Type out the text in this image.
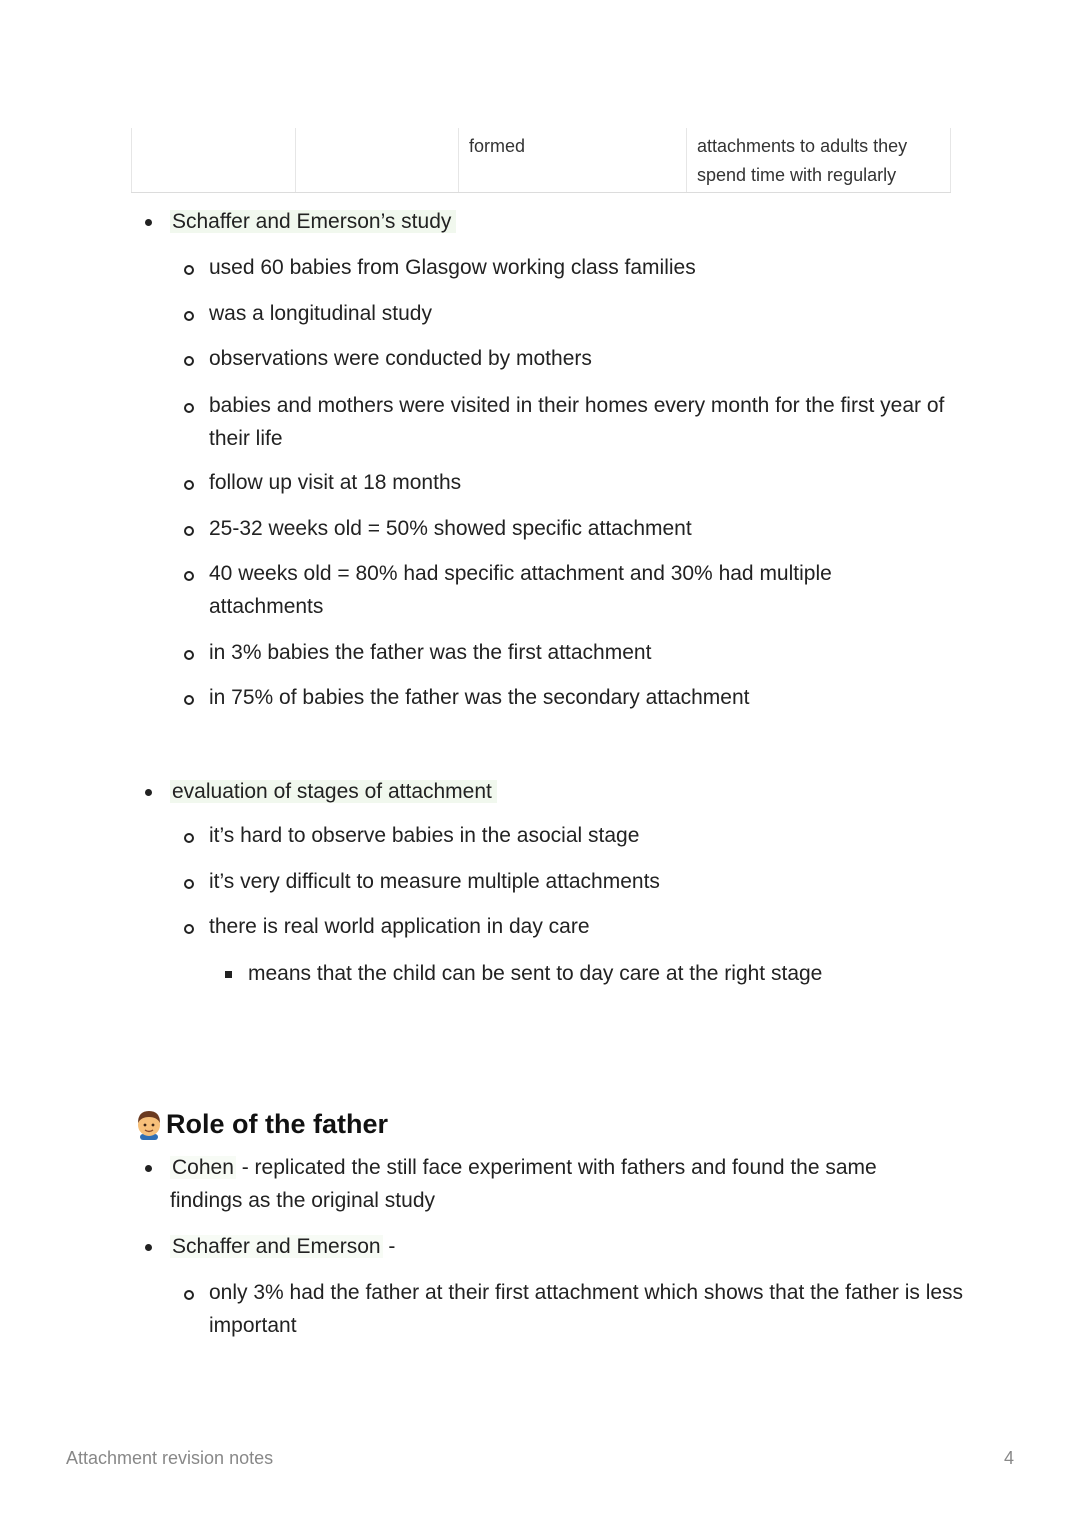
		formed	attachments to adults they spend time with regularly
Schaffer and Emerson’s study
used 60 babies from Glasgow working class families
was a longitudinal study
observations were conducted by mothers
babies and mothers were visited in their homes every month for the first year of their life
follow up visit at 18 months
25-32 weeks old = 50% showed specific attachment
40 weeks old = 80% had specific attachment and 30% had multiple attachments
in 3% babies the father was the first attachment
in 75% of babies the father was the secondary attachment
evaluation of stages of attachment
it’s hard to observe babies in the asocial stage
it’s very difficult to measure multiple attachments
there is real world application in day care
means that the child can be sent to day care at the right stage
Role of the father
Cohen - replicated the still face experiment with fathers and found the same findings as the original study
Schaffer and Emerson -
only 3% had the father at their first attachment which shows that the father is less important
Attachment revision notes	4
